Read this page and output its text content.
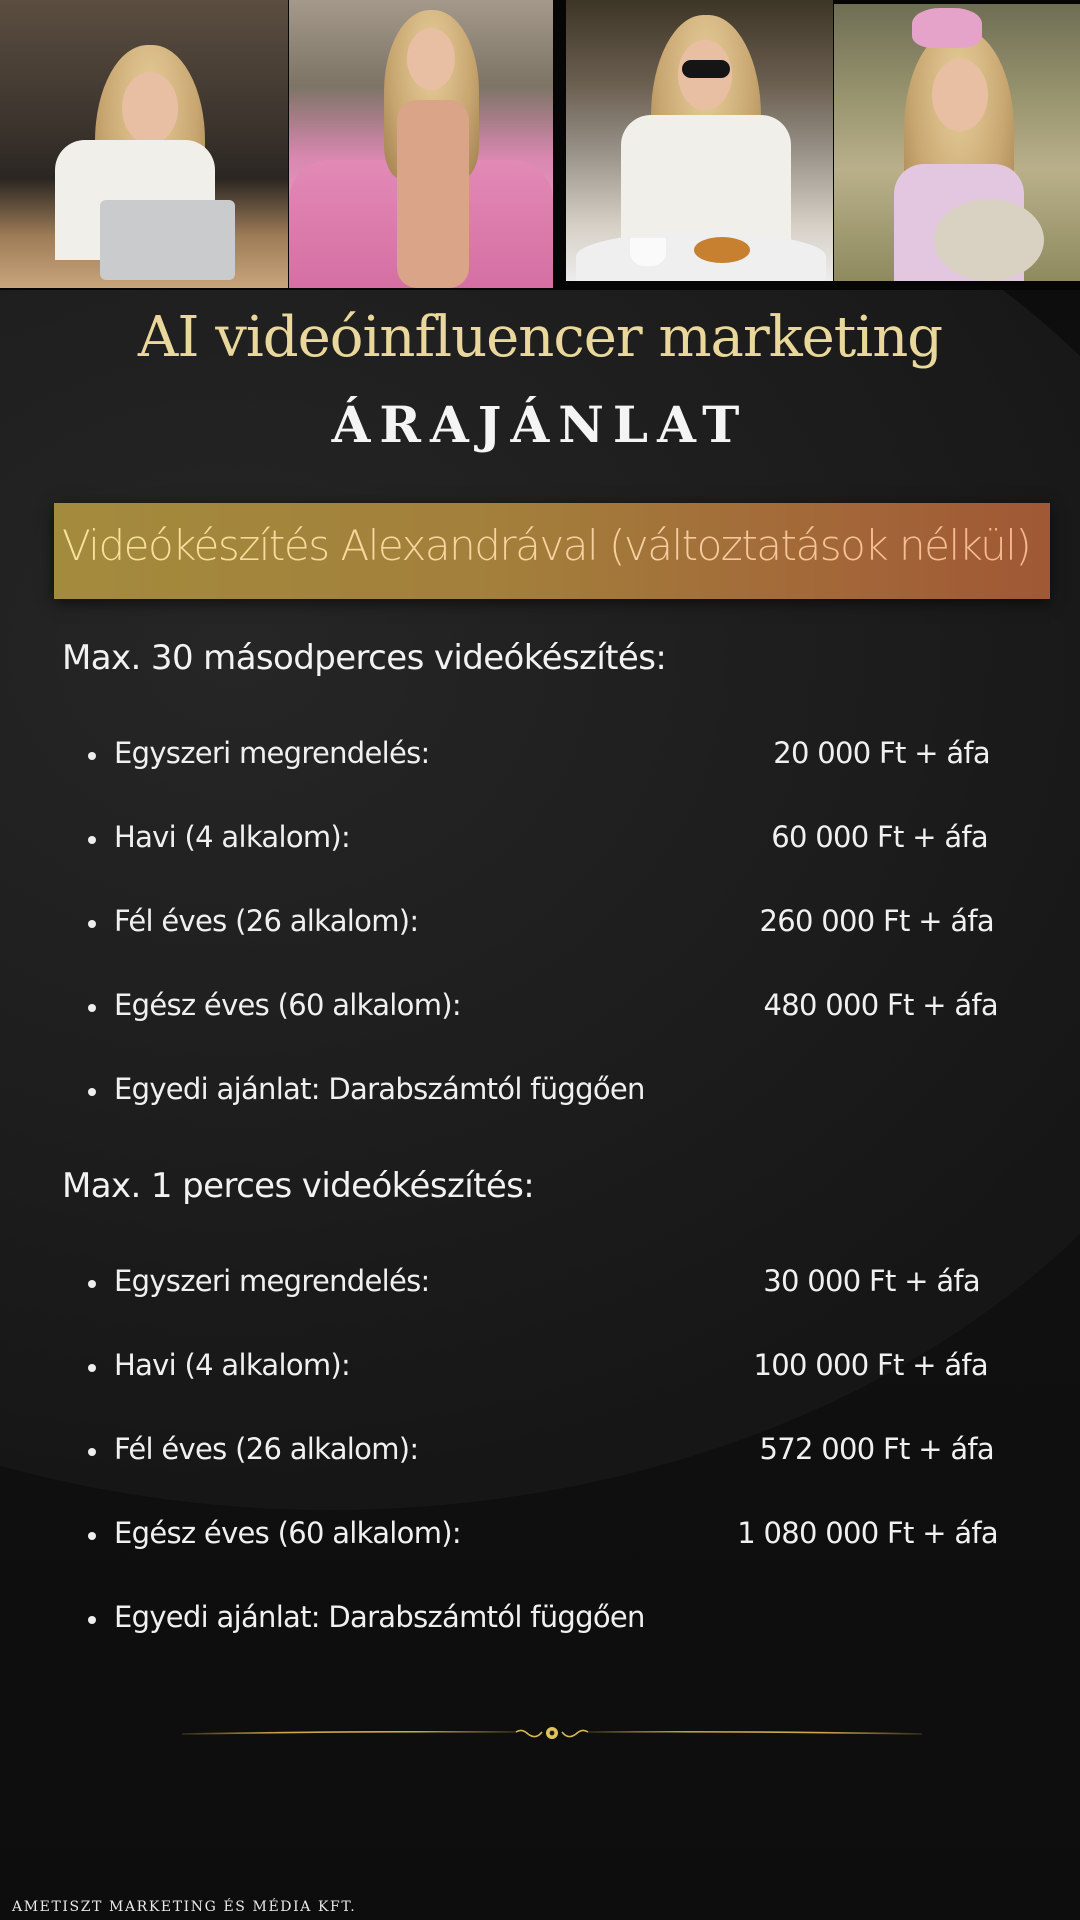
AI videóinfluencer marketing
ÁRAJÁNLAT
Videókészítés Alexandrával (változtatások nélkül)
Max. 30 másodperces videókészítés:
Egyszeri megrendelés:	20 000 Ft + áfa
Havi (4 alkalom):	60 000 Ft + áfa
Fél éves (26 alkalom):	260 000 Ft + áfa
Egész éves (60 alkalom):	480 000 Ft + áfa
Egyedi ajánlat: Darabszámtól függően
Max. 1 perces videókészítés:
Egyszeri megrendelés:	30 000 Ft + áfa
Havi (4 alkalom):	100 000 Ft + áfa
Fél éves (26 alkalom):	572 000 Ft + áfa
Egész éves (60 alkalom):	1 080 000 Ft + áfa
Egyedi ajánlat: Darabszámtól függően
AMETISZT MARKETING ÉS MÉDIA KFT.
